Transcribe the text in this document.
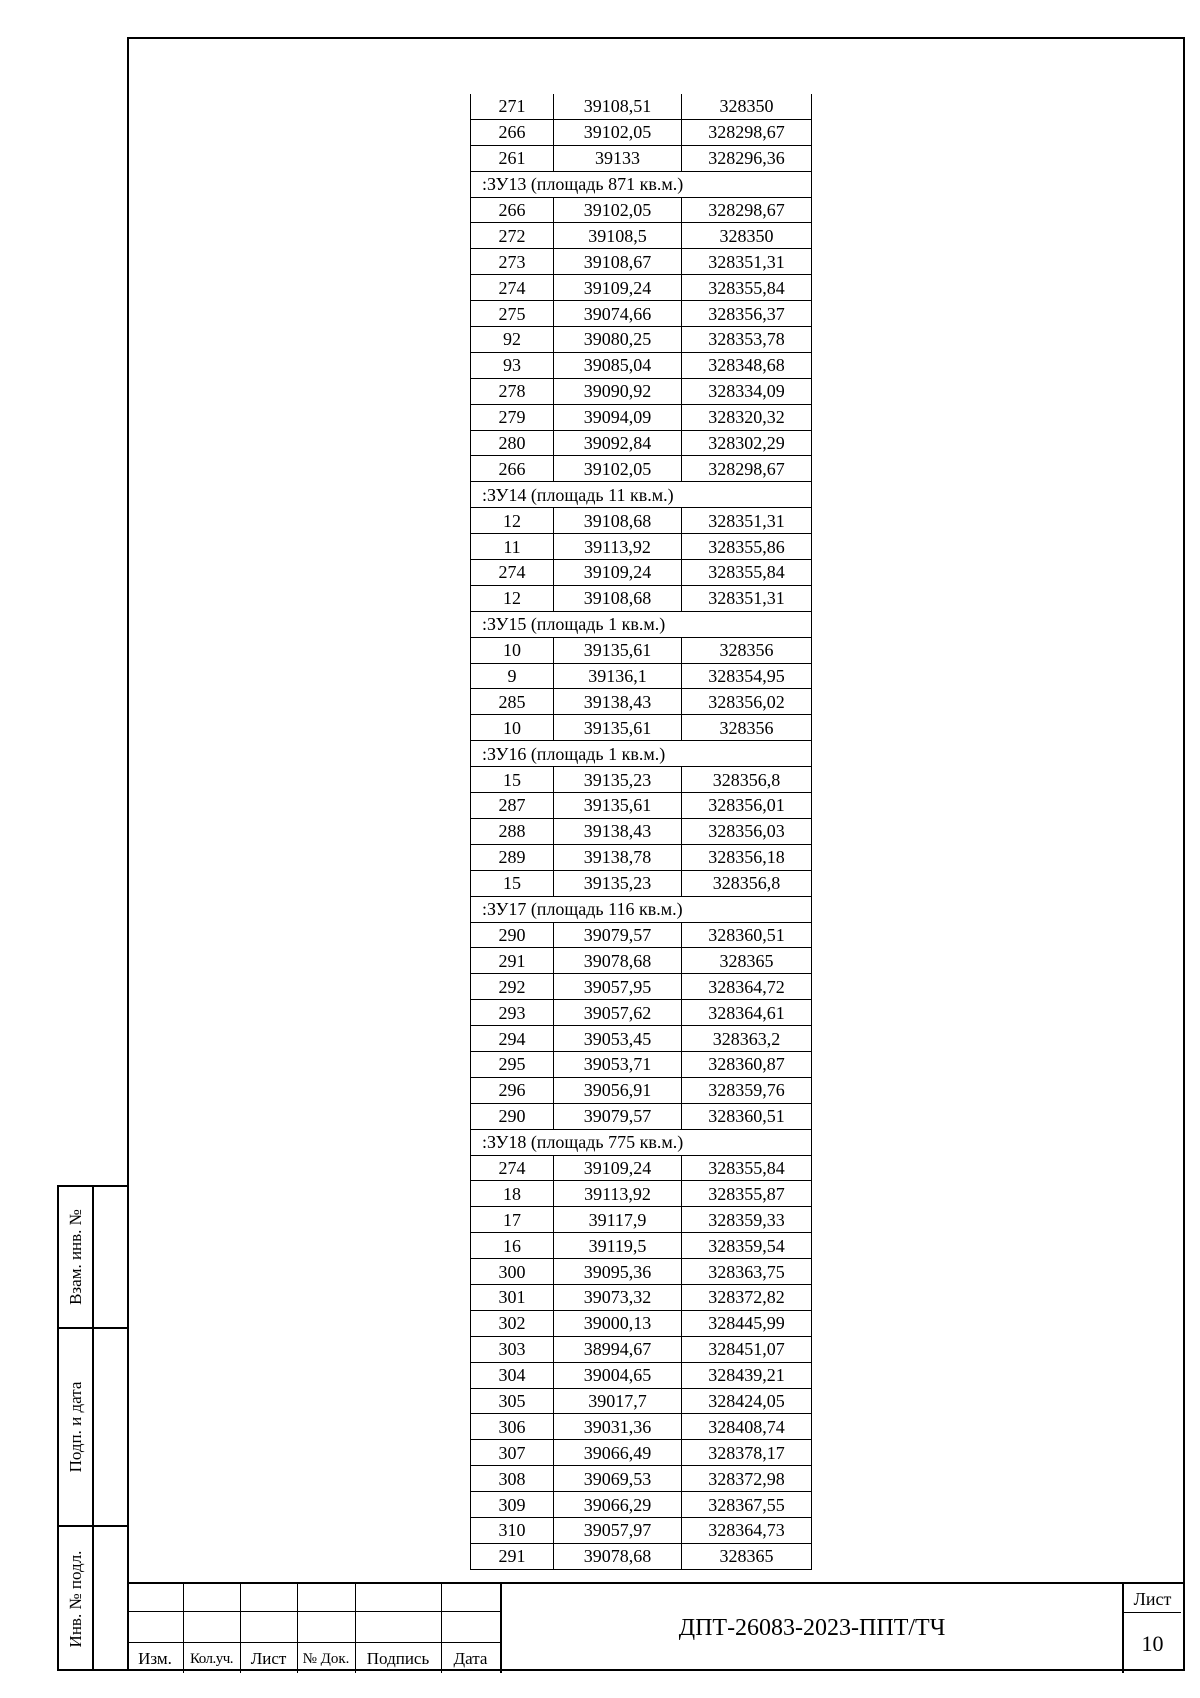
Взам. инв. №
Подп. и дата
Инв. № подл.
271	39108,51	328350
266	39102,05	328298,67
261	39133	328296,36
:ЗУ13 (площадь 871 кв.м.)		
266	39102,05	328298,67
272	39108,5	328350
273	39108,67	328351,31
274	39109,24	328355,84
275	39074,66	328356,37
92	39080,25	328353,78
93	39085,04	328348,68
278	39090,92	328334,09
279	39094,09	328320,32
280	39092,84	328302,29
266	39102,05	328298,67
:ЗУ14 (площадь 11 кв.м.)		
12	39108,68	328351,31
11	39113,92	328355,86
274	39109,24	328355,84
12	39108,68	328351,31
:ЗУ15 (площадь 1 кв.м.)		
10	39135,61	328356
9	39136,1	328354,95
285	39138,43	328356,02
10	39135,61	328356
:ЗУ16 (площадь 1 кв.м.)		
15	39135,23	328356,8
287	39135,61	328356,01
288	39138,43	328356,03
289	39138,78	328356,18
15	39135,23	328356,8
:ЗУ17 (площадь 116 кв.м.)		
290	39079,57	328360,51
291	39078,68	328365
292	39057,95	328364,72
293	39057,62	328364,61
294	39053,45	328363,2
295	39053,71	328360,87
296	39056,91	328359,76
290	39079,57	328360,51
:ЗУ18 (площадь 775 кв.м.)		
274	39109,24	328355,84
18	39113,92	328355,87
17	39117,9	328359,33
16	39119,5	328359,54
300	39095,36	328363,75
301	39073,32	328372,82
302	39000,13	328445,99
303	38994,67	328451,07
304	39004,65	328439,21
305	39017,7	328424,05
306	39031,36	328408,74
307	39066,49	328378,17
308	39069,53	328372,98
309	39066,29	328367,55
310	39057,97	328364,73
291	39078,68	328365
Изм.	Кол.уч.	Лист	№ Док.	Подпись	Дата
ДПТ-26083-2023-ППТ/ТЧ
Лист
10
